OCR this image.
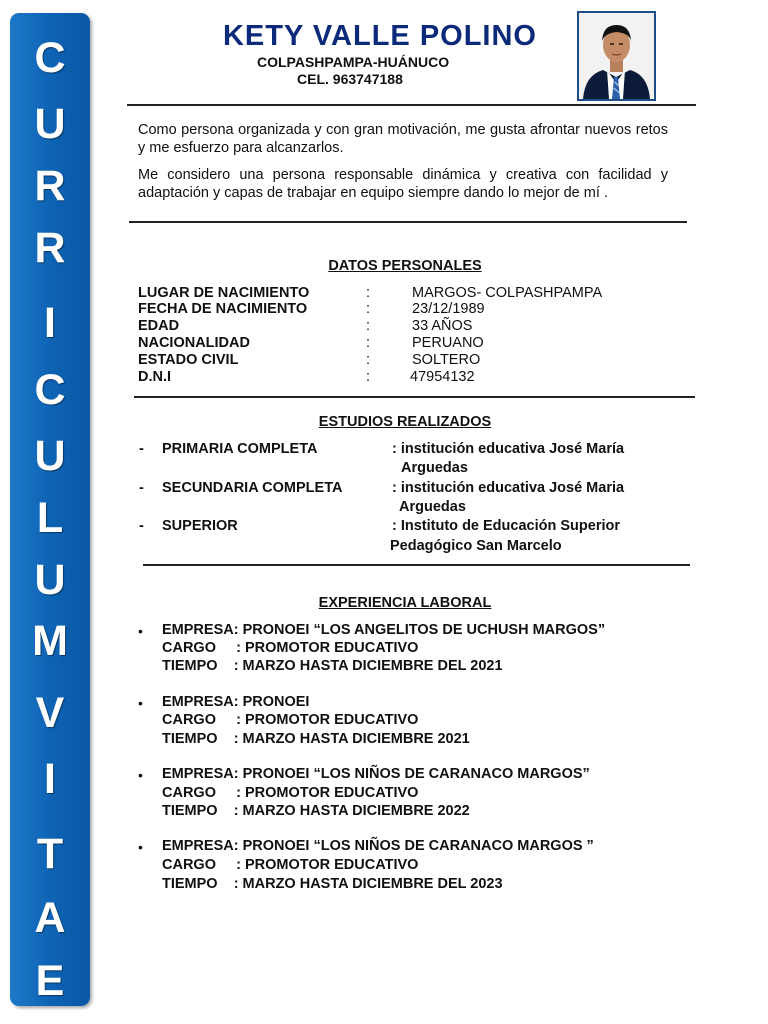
C
U
R
R
I
C
U
L
U
M
V
I
T
A
E
KETY VALLE POLINO
COLPASHPAMPA-HUÁNUCO
CEL. 963747188
Como persona organizada y con gran motivación, me gusta afrontar nuevos retos y me esfuerzo para alcanzarlos.
Me considero una persona responsable dinámica y creativa con facilidad y adaptación y capas de trabajar en equipo siempre dando lo mejor de mí .
DATOS PERSONALES
LUGAR DE NACIMIENTO	:	MARGOS- COLPASHPAMPA
FECHA DE NACIMIENTO	:	23/12/1989
EDAD	:	33 AÑOS
NACIONALIDAD	:	PERUANO
ESTADO CIVIL	:	SOLTERO
D.N.I	:	47954132
ESTUDIOS REALIZADOS
- PRIMARIA COMPLETA	: institución educativa José María
Arguedas
- SECUNDARIA COMPLETA	: institución educativa José Maria
Arguedas
- SUPERIOR	: Instituto de Educación Superior
Pedagógico San Marcelo
EXPERIENCIA LABORAL
• EMPRESA: PRONOEI “LOS ANGELITOS DE UCHUSH MARGOS”
CARGO     : PROMOTOR EDUCATIVO
TIEMPO    : MARZO HASTA DICIEMBRE DEL 2021
• EMPRESA: PRONOEI
CARGO     : PROMOTOR EDUCATIVO
TIEMPO    : MARZO HASTA DICIEMBRE 2021
• EMPRESA: PRONOEI “LOS NIÑOS DE CARANACO MARGOS”
CARGO     : PROMOTOR EDUCATIVO
TIEMPO    : MARZO HASTA DICIEMBRE 2022
• EMPRESA: PRONOEI “LOS NIÑOS DE CARANACO MARGOS ”
CARGO     : PROMOTOR EDUCATIVO
TIEMPO    : MARZO HASTA DICIEMBRE DEL 2023
